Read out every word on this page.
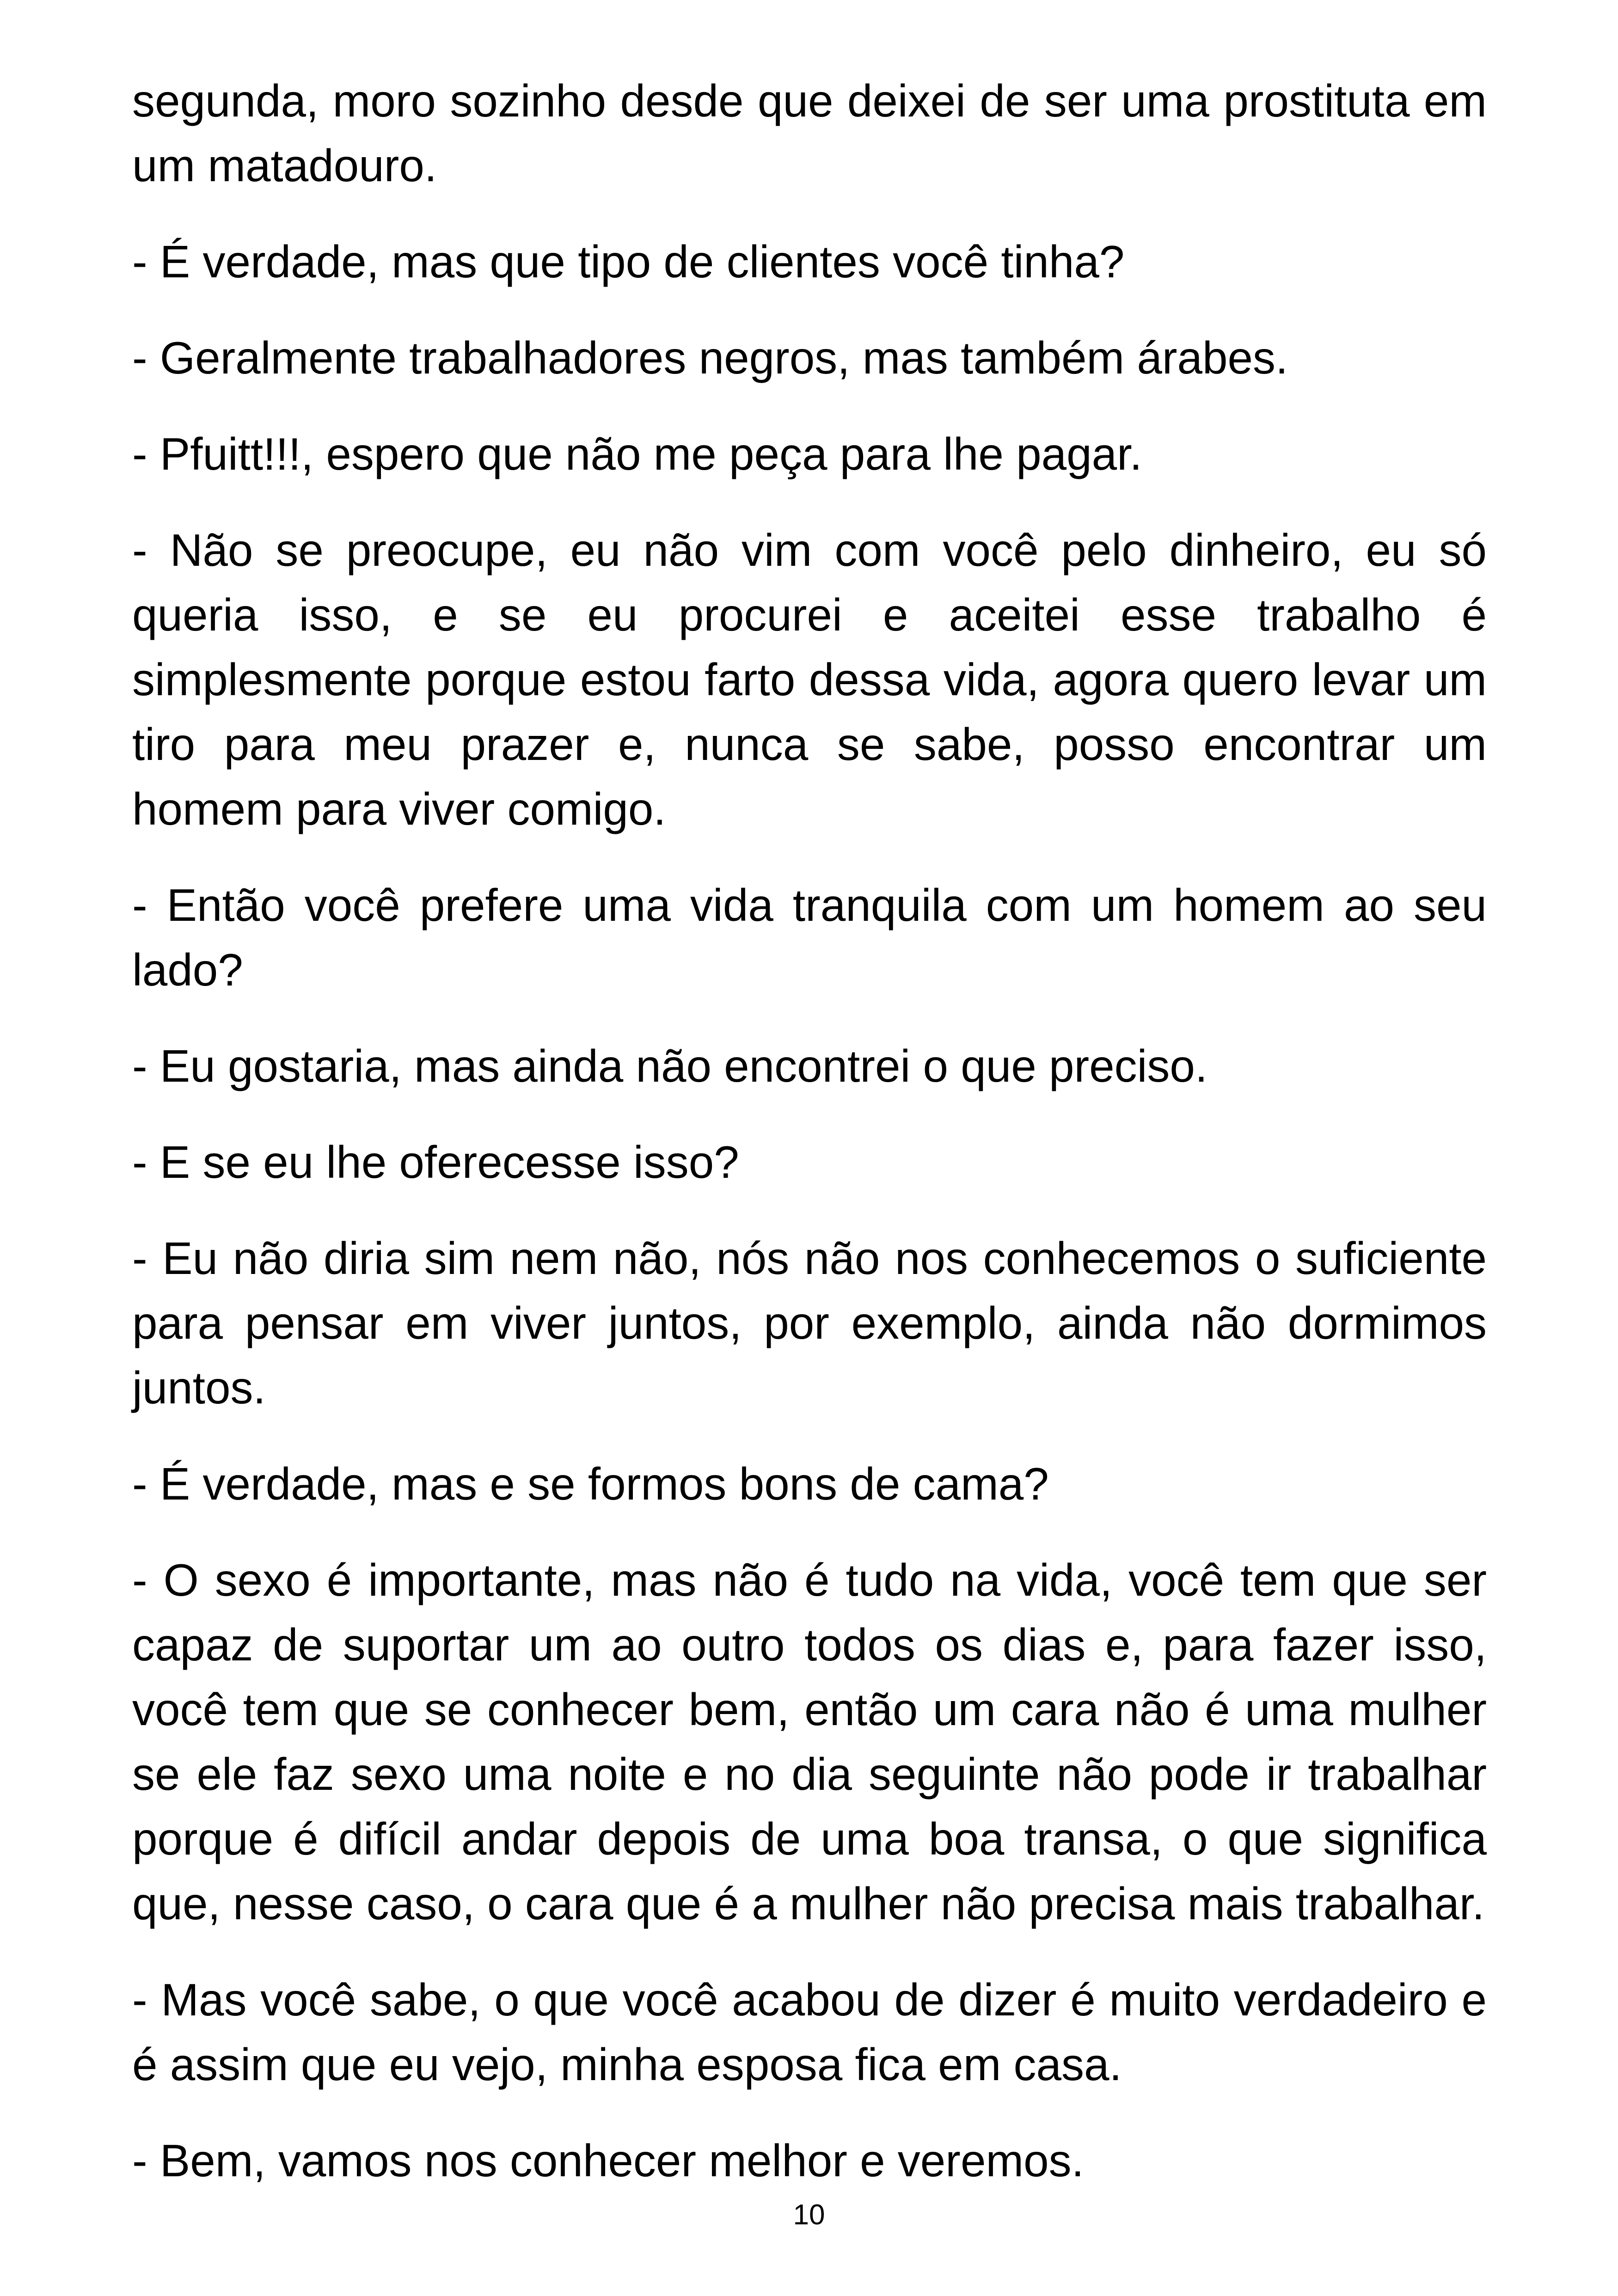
segunda, moro sozinho desde que deixei de ser uma prostituta em um matadouro.

- É verdade, mas que tipo de clientes você tinha?

- Geralmente trabalhadores negros, mas também árabes.

- Pfuitt!!!, espero que não me peça para lhe pagar.

- Não se preocupe, eu não vim com você pelo dinheiro, eu só queria isso, e se eu procurei e aceitei esse trabalho é simplesmente porque estou farto dessa vida, agora quero levar um tiro para meu prazer e, nunca se sabe, posso encontrar um homem para viver comigo.

- Então você prefere uma vida tranquila com um homem ao seu lado?

- Eu gostaria, mas ainda não encontrei o que preciso.

- E se eu lhe oferecesse isso?

- Eu não diria sim nem não, nós não nos conhecemos o suficiente para pensar em viver juntos, por exemplo, ainda não dormimos juntos.

- É verdade, mas e se formos bons de cama?

- O sexo é importante, mas não é tudo na vida, você tem que ser capaz de suportar um ao outro todos os dias e, para fazer isso, você tem que se conhecer bem, então um cara não é uma mulher se ele faz sexo uma noite e no dia seguinte não pode ir trabalhar porque é difícil andar depois de uma boa transa, o que significa que, nesse caso, o cara que é a mulher não precisa mais trabalhar.

- Mas você sabe, o que você acabou de dizer é muito verdadeiro e é assim que eu vejo, minha esposa fica em casa.

- Bem, vamos nos conhecer melhor e veremos.

10
